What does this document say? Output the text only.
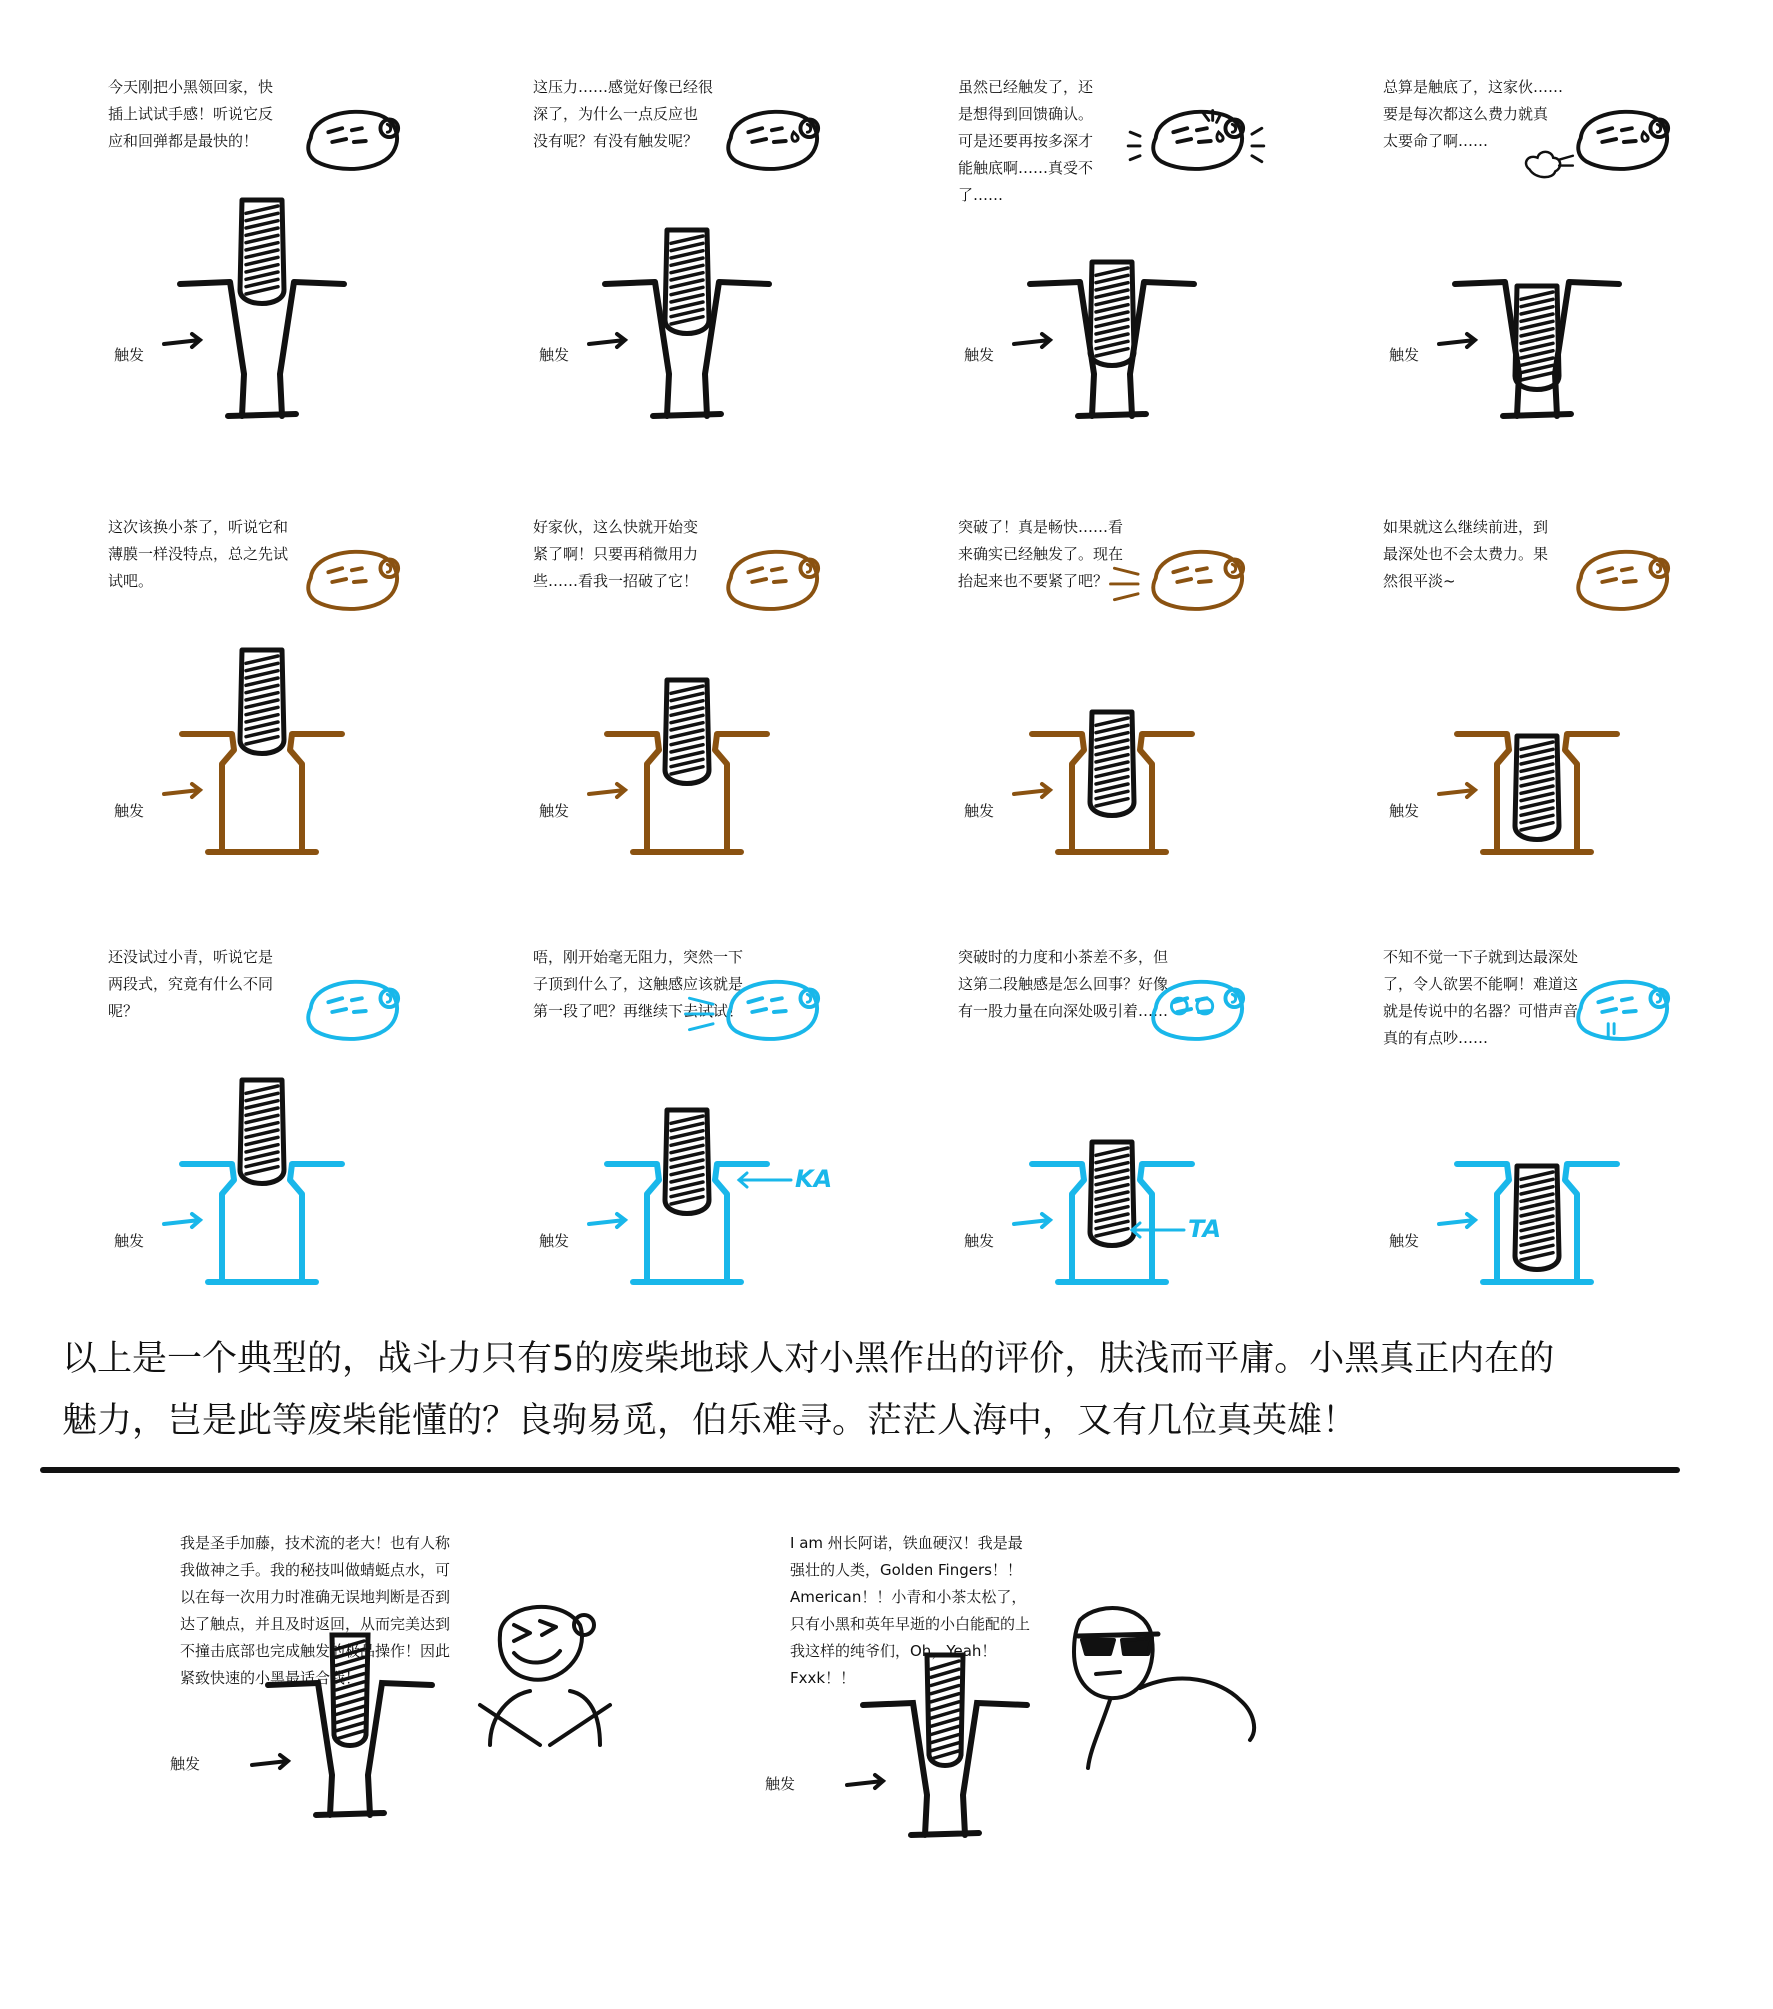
今天刚把小黑领回家，快
插上试试手感！听说它反
应和回弹都是最快的！
触发
这压力……感觉好像已经很
深了，为什么一点反应也
没有呢？有没有触发呢？
触发
虽然已经触发了，还
是想得到回馈确认。
可是还要再按多深才
能触底啊……真受不
了……
触发
总算是触底了，这家伙……
要是每次都这么费力就真
太要命了啊……
触发
这次该换小茶了，听说它和
薄膜一样没特点，总之先试
试吧。
触发
好家伙，这么快就开始变
紧了啊！只要再稍微用力
些……看我一招破了它！
触发
突破了！真是畅快……看
来确实已经触发了。现在
抬起来也不要紧了吧？
触发
如果就这么继续前进，到
最深处也不会太费力。果
然很平淡~
触发
还没试过小青，听说它是
两段式，究竟有什么不同
呢？
触发
唔，刚开始毫无阻力，突然一下
子顶到什么了，这触感应该就是
第一段了吧？再继续下去试试！
触发
KA
突破时的力度和小茶差不多，但
这第二段触感是怎么回事？好像
有一股力量在向深处吸引着……
触发	TA
不知不觉一下子就到达最深处
了，令人欲罢不能啊！难道这
就是传说中的名器？可惜声音
真的有点吵……
触发
以上是一个典型的，战斗力只有5的废柴地球人对小黑作出的评价，肤浅而平庸。小黑真正内在的
魅力，岂是此等废柴能懂的？良驹易觅，伯乐难寻。茫茫人海中，又有几位真英雄！
我是圣手加藤，技术流的老大！也有人称
我做神之手。我的秘技叫做蜻蜓点水，可
以在每一次用力时准确无误地判断是否到
达了触点，并且及时返回，从而完美达到
不撞击底部也完成触发的极品操作！因此
紧致快速的小黑最适合我！
触发
I am 州长阿诺，铁血硬汉！我是最
强壮的人类，Golden Fingers！！
American！！小青和小茶太松了，
只有小黑和英年早逝的小白能配的上
我这样的纯爷们，Oh，Yeah！
Fxxk！！
触发
